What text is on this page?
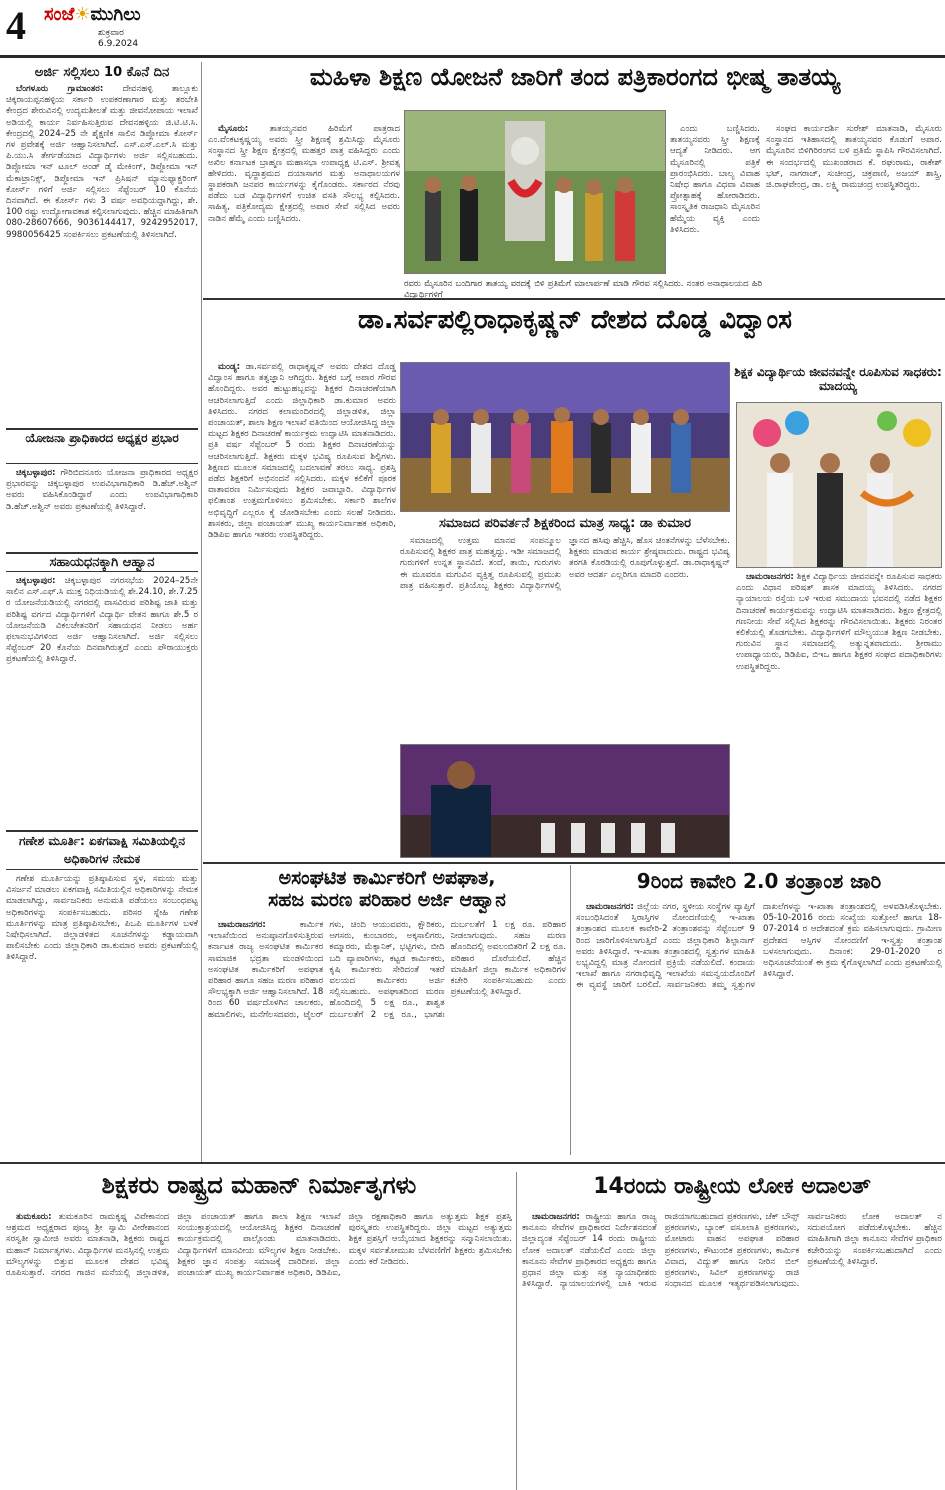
4 ಸಂಜೆ☀ಮುಗಿಲು
ಶುಕ್ರವಾರ
6.9.2024
ಅರ್ಜಿ ಸಲ್ಲಿಸಲು 10 ಕೊನೆ ದಿನ

ಬೆಂಗಳೂರು ಗ್ರಾಮಾಂತರ: ದೇವನಹಳ್ಳಿ ತಾಲ್ಲೂಕು ಚಿಕ್ಕರಾಯಪ್ಪನಹಳ್ಳಿಯ ಸರ್ಕಾರಿ ಉಪಕರಣಾಗಾರ ಮತ್ತು ತರಬೇತಿ ಕೇಂದ್ರದ ಶೇರುವಿನಲ್ಲಿ ಉದ್ಯಮಶೀಲತೆ ಮತ್ತು ಜೀವನೋಪಾಯ ಇಲಾಖೆ ಅಡಿಯಲ್ಲಿ ಕಾರ್ಯ ನಿರ್ವಹಿಸುತ್ತಿರುವ ದೇವನಹಳ್ಳಿಯ ಜಿ.ಟಿ.ಟಿ.ಸಿ. ಕೇಂದ್ರದಲ್ಲಿ 2024–25 ನೇ ಶೈಕ್ಷಣಿಕ ಸಾಲಿನ ಡಿಪ್ಲೋಮಾ ಕೋರ್ಸ್ ಗಳ ಪ್ರವೇಶಕ್ಕೆ ಅರ್ಜಿ ಆಹ್ವಾನಿಸಲಾಗಿದೆ. ಎಸ್.ಎಸ್.ಎಲ್.ಸಿ ಮತ್ತು ಪಿ.ಯು.ಸಿ ತೇರ್ಗಡೆಯಾದ ವಿದ್ಯಾರ್ಥಿಗಳು ಅರ್ಜಿ ಸಲ್ಲಿಸಬಹುದು. ಡಿಪ್ಲೋಮಾ ಇನ್ ಟೂಲ್ ಅಂಡ್ ಡೈ ಮೇಕಿಂಗ್, ಡಿಪ್ಲೋಮಾ ಇನ್ ಮೆಕಾಟ್ರಾನಿಕ್ಸ್, ಡಿಪ್ಲೋಮಾ ಇನ್ ಪ್ರಿಸಿಷನ್ ಮ್ಯಾನುಫ್ಯಾಕ್ಚರಿಂಗ್ ಕೋರ್ಸ್ ಗಳಿಗೆ ಅರ್ಜಿ ಸಲ್ಲಿಸಲು ಸೆಪ್ಟೆಂಬರ್ 10 ಕೊನೆಯ ದಿನವಾಗಿದೆ. ಈ ಕೋರ್ಸ್ ಗಳು 3 ವರ್ಷ ಅವಧಿಯದ್ದಾಗಿದ್ದು, ಶೇ. 100 ರಷ್ಟು ಉದ್ಯೋಗಾವಕಾಶ ಕಲ್ಪಿಸಲಾಗುವುದು. ಹೆಚ್ಚಿನ ಮಾಹಿತಿಗಾಗಿ 080-28607666, 9036144417, 9242952017, 9980056425 ಸಂಪರ್ಕಿಸಲು ಪ್ರಕಟಣೆಯಲ್ಲಿ ತಿಳಿಸಲಾಗಿದೆ.

ಯೋಜನಾ ಪ್ರಾಧಿಕಾರದ ಅಧ್ಯಕ್ಷರ ಪ್ರಭಾರ

ಚಿಕ್ಕಬಳ್ಳಾಪುರ: ಗೌರಿಬಿದನೂರು ಯೋಜನಾ ಪ್ರಾಧಿಕಾರದ ಅಧ್ಯಕ್ಷರ ಪ್ರಭಾರವನ್ನು ಚಿಕ್ಕಬಳ್ಳಾಪುರ ಉಪವಿಭಾಗಾಧಿಕಾರಿ ಡಿ.ಹೆಚ್.ಅಶ್ವಿನ್ ಅವರು ವಹಿಸಿಕೊಂಡಿದ್ದಾರೆ ಎಂದು ಉಪವಿಭಾಗಾಧಿಕಾರಿ ಡಿ.ಹೆಚ್.ಅಶ್ವಿನ್ ಅವರು ಪ್ರಕಟಣೆಯಲ್ಲಿ ತಿಳಿಸಿದ್ದಾರೆ.

ಸಹಾಯಧನಕ್ಕಾಗಿ ಆಹ್ವಾನ

ಚಿಕ್ಕಬಳ್ಳಾಪುರ: ಚಿಕ್ಕಬಳ್ಳಾಪುರ ನಗರಸಭೆಯ 2024–25ನೇ ಸಾಲಿನ ಎಸ್.ಎಫ್.ಸಿ ಮುಕ್ತ ನಿಧಿಯಡಿಯಲ್ಲಿ ಶೇ.24.10, ಶೇ.7.25 ರ ಯೋಜನೆಯಡಿಯಲ್ಲಿ ನಗರದಲ್ಲಿ ವಾಸವಿರುವ ಪರಿಶಿಷ್ಟ ಜಾತಿ ಮತ್ತು ಪರಿಶಿಷ್ಟ ವರ್ಗದ ವಿದ್ಯಾರ್ಥಿಗಳಿಗೆ ವಿದ್ಯಾರ್ಥಿ ವೇತನ ಹಾಗೂ ಶೇ.5 ರ ಯೋಜನೆಯಡಿ ವಿಕಲಚೇತನರಿಗೆ ಸಹಾಯಧನ ನೀಡಲು ಅರ್ಹ ಫಲಾನುಭವಿಗಳಿಂದ ಅರ್ಜಿ ಆಹ್ವಾನಿಸಲಾಗಿದೆ. ಅರ್ಜಿ ಸಲ್ಲಿಸಲು ಸೆಪ್ಟೆಂಬರ್ 20 ಕೊನೆಯ ದಿನವಾಗಿರುತ್ತದೆ ಎಂದು ಪೌರಾಯುಕ್ತರು ಪ್ರಕಟಣೆಯಲ್ಲಿ ತಿಳಿಸಿದ್ದಾರೆ.

ಗಣೇಶ ಮೂರ್ತಿ: ಏಕಗವಾಕ್ಷಿ ಸಮಿತಿಯಲ್ಲಿನ ಅಧಿಕಾರಿಗಳ ನೇಮಕ

ಗಣೇಶ ಮೂರ್ತಿಯನ್ನು ಪ್ರತಿಷ್ಠಾಪಿಸುವ ಸ್ಥಳ, ಸಮಯ ಮತ್ತು ವಿಸರ್ಜನೆ ಮಾಡಲು ಏಕಗವಾಕ್ಷಿ ಸಮಿತಿಯಲ್ಲಿನ ಅಧಿಕಾರಿಗಳನ್ನು ನೇಮಕ ಮಾಡಲಾಗಿದ್ದು, ಸಾರ್ವಜನಿಕರು ಅನುಮತಿ ಪಡೆಯಲು ಸಂಬಂಧಪಟ್ಟ ಅಧಿಕಾರಿಗಳನ್ನು ಸಂಪರ್ಕಿಸಬಹುದು. ಪರಿಸರ ಸ್ನೇಹಿ ಗಣೇಶ ಮೂರ್ತಿಗಳನ್ನು ಮಾತ್ರ ಪ್ರತಿಷ್ಠಾಪಿಸಬೇಕು, ಪಿಒಪಿ ಮೂರ್ತಿಗಳ ಬಳಕೆ ನಿಷೇಧಿಸಲಾಗಿದೆ. ಜಿಲ್ಲಾಡಳಿತದ ಸೂಚನೆಗಳನ್ನು ಕಡ್ಡಾಯವಾಗಿ ಪಾಲಿಸಬೇಕು ಎಂದು ಜಿಲ್ಲಾಧಿಕಾರಿ ಡಾ.ಕುಮಾರ ಅವರು ಪ್ರಕಟಣೆಯಲ್ಲಿ ತಿಳಿಸಿದ್ದಾರೆ.

ಮಹಿಳಾ ಶಿಕ್ಷಣ ಯೋಜನೆ ಜಾರಿಗೆ ತಂದ ಪತ್ರಿಕಾರಂಗದ ಭೀಷ್ಮ ತಾತಯ್ಯ

ಮೈಸೂರು: ತಾತಯ್ಯನವರ ಹಿರಿಮೆಗೆ ಪಾತ್ರರಾದ ಎಂ.ವೆಂಕಟಕೃಷ್ಣಯ್ಯ ಅವರು ಸ್ತ್ರೀ ಶಿಕ್ಷಣಕ್ಕೆ ಶ್ರಮಿಸಿದ್ದು ಮೈಸೂರು ಸಂಸ್ಥಾನದ ಸ್ತ್ರೀ ಶಿಕ್ಷಣ ಕ್ಷೇತ್ರದಲ್ಲಿ ಮಹತ್ತರ ಪಾತ್ರ ವಹಿಸಿದ್ದರು ಎಂದು ಅಖಿಲ ಕರ್ನಾಟಕ ಬ್ರಾಹ್ಮಣ ಮಹಾಸಭಾ ಉಪಾಧ್ಯಕ್ಷ ಟಿ.ಎಸ್. ಶ್ರೀವತ್ಸ ಹೇಳಿದರು. ವೃದ್ಧಾಶ್ರಮದ ದಯಾಸಾಗರ ಮತ್ತು ಅನಾಥಾಲಯಗಳ ಸ್ಥಾಪಕರಾಗಿ ಜನಪರ ಕಾರ್ಯಗಳನ್ನು ಕೈಗೊಂಡರು. ಸರ್ಕಾರದ ನೆರವು ಪಡೆದು ಬಡ ವಿದ್ಯಾರ್ಥಿಗಳಿಗೆ ಉಚಿತ ವಸತಿ ಸೌಲಭ್ಯ ಕಲ್ಪಿಸಿದರು. ಸಾಹಿತ್ಯ, ಪತ್ರಿಕೋದ್ಯಮ ಕ್ಷೇತ್ರದಲ್ಲಿ ಅಪಾರ ಸೇವೆ ಸಲ್ಲಿಸಿದ ಅವರು ನಾಡಿನ ಹೆಮ್ಮೆ ಎಂದು ಬಣ್ಣಿಸಿದರು.

ಎಂದು ಬಣ್ಣಿಸಿದರು. ತಾತಯ್ಯನವರು ಸ್ತ್ರೀ ಶಿಕ್ಷಣಕ್ಕೆ ಆದ್ಯತೆ ನೀಡಿದರು. ಆಗ ಮೈಸೂರಿನಲ್ಲಿ ಪತ್ರಿಕೆ ಪ್ರಾರಂಭಿಸಿದರು. ಬಾಲ್ಯ ವಿವಾಹ ನಿಷೇಧ ಹಾಗೂ ವಿಧವಾ ವಿವಾಹ ಪ್ರೋತ್ಸಾಹಕ್ಕೆ ಹೋರಾಡಿದರು. ಸಾಂಸ್ಕೃತಿಕ ರಾಜಧಾನಿ ಮೈಸೂರಿನ ಹೆಮ್ಮೆಯ ವ್ಯಕ್ತಿ ಎಂದು ತಿಳಿಸಿದರು.

ಸಂಘದ ಕಾರ್ಯದರ್ಶಿ ಸುರೇಶ್ ಮಾತನಾಡಿ, ಮೈಸೂರು ಸಂಸ್ಥಾನದ ಇತಿಹಾಸದಲ್ಲಿ ತಾತಯ್ಯನವರ ಕೊಡುಗೆ ಅಪಾರ. ಮೈಸೂರಿನ ಬಿಳಿಗಿರಿರಂಗನ ಬಳಿ ಪ್ರತಿಮೆ ಸ್ಥಾಪಿಸಿ ಗೌರವಿಸಲಾಗಿದೆ. ಈ ಸಂದರ್ಭದಲ್ಲಿ ಮುಖಂಡರಾದ ಕೆ. ರಘುರಾಮ, ರಾಕೇಶ್ ಭಟ್, ನಾಗರಾಜ್, ಸುಚೀಂದ್ರ, ಚಕ್ರಪಾಣಿ, ಅಜಯ್ ಶಾಸ್ತ್ರಿ, ಜಿ.ರಾಘವೇಂದ್ರ, ಡಾ. ಲಕ್ಷ್ಮಿ ರಾಮಚಂದ್ರ ಉಪಸ್ಥಿತರಿದ್ದರು.

ರವರು ಮೈಸೂರಿನ ಬಂದಿಗಾರ ತಾತಯ್ಯ ವರದಕ್ಕೆ ಬಿಳಿ ಪ್ರತಿಮೆಗೆ ಮಾಲಾರ್ಪಣೆ ಮಾಡಿ ಗೌರವ ಸಲ್ಲಿಸಿದರು. ನಂತರ ಅನಾಥಾಲಯದ ಹಿರಿ ವಿದ್ಯಾರ್ಥಿಗಳಿಗೆ
ಡಾ.ಸರ್ವಪಲ್ಲಿರಾಧಾಕೃಷ್ಣನ್ ದೇಶದ ದೊಡ್ಡ ವಿದ್ವಾಂಸ

ಮಂಡ್ಯ: ಡಾ.ಸರ್ವಪಲ್ಲಿ ರಾಧಾಕೃಷ್ಣನ್ ಅವರು ದೇಶದ ದೊಡ್ಡ ವಿದ್ವಾಂಸ ಹಾಗೂ ತತ್ವಜ್ಞಾನಿ ಆಗಿದ್ದರು. ಶಿಕ್ಷಕರ ಬಗ್ಗೆ ಅಪಾರ ಗೌರವ ಹೊಂದಿದ್ದರು. ಅವರ ಹುಟ್ಟುಹಬ್ಬವನ್ನು ಶಿಕ್ಷಕರ ದಿನಾಚರಣೆಯಾಗಿ ಆಚರಿಸಲಾಗುತ್ತಿದೆ ಎಂದು ಜಿಲ್ಲಾಧಿಕಾರಿ ಡಾ.ಕುಮಾರ ಅವರು ತಿಳಿಸಿದರು. ನಗರದ ಕಲಾಮಂದಿರದಲ್ಲಿ ಜಿಲ್ಲಾಡಳಿತ, ಜಿಲ್ಲಾ ಪಂಚಾಯತ್, ಶಾಲಾ ಶಿಕ್ಷಣ ಇಲಾಖೆ ವತಿಯಿಂದ ಆಯೋಜಿಸಿದ್ದ ಜಿಲ್ಲಾ ಮಟ್ಟದ ಶಿಕ್ಷಕರ ದಿನಾಚರಣೆ ಕಾರ್ಯಕ್ರಮ ಉದ್ಘಾಟಿಸಿ ಮಾತನಾಡಿದರು. ಪ್ರತಿ ವರ್ಷ ಸೆಪ್ಟೆಂಬರ್ 5 ರಂದು ಶಿಕ್ಷಕರ ದಿನಾಚರಣೆಯನ್ನು ಆಚರಿಸಲಾಗುತ್ತಿದೆ. ಶಿಕ್ಷಕರು ಮಕ್ಕಳ ಭವಿಷ್ಯ ರೂಪಿಸುವ ಶಿಲ್ಪಿಗಳು. ಶಿಕ್ಷಣದ ಮೂಲಕ ಸಮಾಜದಲ್ಲಿ ಬದಲಾವಣೆ ತರಲು ಸಾಧ್ಯ. ಪ್ರಶಸ್ತಿ ಪಡೆದ ಶಿಕ್ಷಕರಿಗೆ ಅಭಿನಂದನೆ ಸಲ್ಲಿಸಿದರು. ಮಕ್ಕಳ ಕಲಿಕೆಗೆ ಪೂರಕ ವಾತಾವರಣ ನಿರ್ಮಿಸುವುದು ಶಿಕ್ಷಕರ ಜವಾಬ್ದಾರಿ. ವಿದ್ಯಾರ್ಥಿಗಳ ಫಲಿತಾಂಶ ಉತ್ತಮಗೊಳಿಸಲು ಶ್ರಮಿಸಬೇಕು. ಸರ್ಕಾರಿ ಶಾಲೆಗಳ ಅಭಿವೃದ್ಧಿಗೆ ಎಲ್ಲರೂ ಕೈ ಜೋಡಿಸಬೇಕು ಎಂದು ಸಲಹೆ ನೀಡಿದರು. ಶಾಸಕರು, ಜಿಲ್ಲಾ ಪಂಚಾಯತ್ ಮುಖ್ಯ ಕಾರ್ಯನಿರ್ವಾಹಕ ಅಧಿಕಾರಿ, ಡಿಡಿಪಿಐ ಹಾಗೂ ಇತರರು ಉಪಸ್ಥಿತರಿದ್ದರು.

ಸಮಾಜದ ಪರಿವರ್ತನೆ ಶಿಕ್ಷಕರಿಂದ ಮಾತ್ರ ಸಾಧ್ಯ: ಡಾ ಕುಮಾರ

ಸಮಾಜದಲ್ಲಿ ಉತ್ತಮ ಮಾನವ ಸಂಪನ್ಮೂಲ ರೂಪಿಸುವಲ್ಲಿ ಶಿಕ್ಷಕರ ಪಾತ್ರ ಮಹತ್ವದ್ದು. ಇಡೀ ಸಮಾಜದಲ್ಲಿ ಗುರುಗಳಿಗೆ ಉನ್ನತ ಸ್ಥಾನವಿದೆ. ತಂದೆ, ತಾಯಿ, ಗುರುಗಳು ಈ ಮೂವರೂ ಮಗುವಿನ ವ್ಯಕ್ತಿತ್ವ ರೂಪಿಸುವಲ್ಲಿ ಪ್ರಮುಖ ಪಾತ್ರ ವಹಿಸುತ್ತಾರೆ. ಪ್ರತಿಯೊಬ್ಬ ಶಿಕ್ಷಕರು ವಿದ್ಯಾರ್ಥಿಗಳಲ್ಲಿ ಜ್ಞಾನದ ಹಸಿವು ಹೆಚ್ಚಿಸಿ, ಹೊಸ ಚಿಂತನೆಗಳನ್ನು ಬೆಳೆಸಬೇಕು. ಶಿಕ್ಷಕರು ಮಾಡುವ ಕಾರ್ಯ ಶ್ರೇಷ್ಠವಾದುದು. ರಾಷ್ಟ್ರದ ಭವಿಷ್ಯ ತರಗತಿ ಕೊಠಡಿಯಲ್ಲಿ ರೂಪುಗೊಳ್ಳುತ್ತದೆ. ಡಾ.ರಾಧಾಕೃಷ್ಣನ್ ಅವರ ಆದರ್ಶ ಎಲ್ಲರಿಗೂ ಮಾದರಿ ಎಂದರು.

ಶಿಕ್ಷಕ ವಿದ್ಯಾರ್ಥಿಯ ಜೀವನವನ್ನೇ ರೂಪಿಸುವ ಸಾಧಕರು: ಮಾದಯ್ಯ

ಚಾಮರಾಜನಗರ: ಶಿಕ್ಷಕ ವಿದ್ಯಾರ್ಥಿಯ ಜೀವನವನ್ನೇ ರೂಪಿಸುವ ಸಾಧಕರು ಎಂದು ವಿಧಾನ ಪರಿಷತ್ ಶಾಸಕ ಮಾದಯ್ಯ ತಿಳಿಸಿದರು. ನಗರದ ನ್ಯಾಯಾಲಯ ರಸ್ತೆಯ ಬಳಿ ಇರುವ ಸಮುದಾಯ ಭವನದಲ್ಲಿ ನಡೆದ ಶಿಕ್ಷಕರ ದಿನಾಚರಣೆ ಕಾರ್ಯಕ್ರಮವನ್ನು ಉದ್ಘಾಟಿಸಿ ಮಾತನಾಡಿದರು. ಶಿಕ್ಷಣ ಕ್ಷೇತ್ರದಲ್ಲಿ ಗಣನೀಯ ಸೇವೆ ಸಲ್ಲಿಸಿದ ಶಿಕ್ಷಕರನ್ನು ಗೌರವಿಸಲಾಯಿತು. ಶಿಕ್ಷಕರು ನಿರಂತರ ಕಲಿಕೆಯಲ್ಲಿ ತೊಡಗಬೇಕು. ವಿದ್ಯಾರ್ಥಿಗಳಿಗೆ ಮೌಲ್ಯಯುತ ಶಿಕ್ಷಣ ನೀಡಬೇಕು. ಗುರುವಿನ ಸ್ಥಾನ ಸಮಾಜದಲ್ಲಿ ಅತ್ಯುನ್ನತವಾದುದು. ಶ್ರೀರಾಮು ಉಪಾಧ್ಯಾಯರು, ಡಿಡಿಪಿಐ, ಬಿಇಒ ಹಾಗೂ ಶಿಕ್ಷಕರ ಸಂಘದ ಪದಾಧಿಕಾರಿಗಳು ಉಪಸ್ಥಿತರಿದ್ದರು.

ಅಸಂಘಟಿತ ಕಾರ್ಮಿಕರಿಗೆ ಅಪಘಾತ,
ಸಹಜ ಮರಣ ಪರಿಹಾರ ಅರ್ಜಿ ಆಹ್ವಾನ

ಚಾಮರಾಜನಗರ:	ಕಾರ್ಮಿಕ ಇಲಾಖೆಯಿಂದ ಅನುಷ್ಠಾನಗೊಳಿಸುತ್ತಿರುವ ಕರ್ನಾಟಕ ರಾಜ್ಯ ಅಸಂಘಟಿತ ಕಾರ್ಮಿಕರ ಸಾಮಾಜಿಕ ಭದ್ರತಾ ಮಂಡಳಿಯಿಂದ ಅಸಂಘಟಿತ ಕಾರ್ಮಿಕರಿಗೆ ಅಪಘಾತ ಪರಿಹಾರ ಹಾಗೂ ಸಹಜ ಮರಣ ಪರಿಹಾರ ಸೌಲಭ್ಯಕ್ಕಾಗಿ ಅರ್ಜಿ ಆಹ್ವಾನಿಸಲಾಗಿದೆ. 18 ರಿಂದ 60 ವರ್ಷದೊಳಗಿನ ಚಾಲಕರು, ಹಮಾಲಿಗಳು, ಮನೆಗೆಲಸದವರು, ಟೈಲರ್ ಗಳು, ಚಿಂದಿ ಆಯುವವರು, ಕ್ಷೌರಿಕರು, ಅಗಸರು, ಕುಂಬಾರರು, ಅಕ್ಕಸಾಲಿಗರು, ಕಮ್ಮಾರರು, ಮೆಕ್ಯಾನಿಕ್, ಭಟ್ಟಿಗಳು, ಬೀದಿ ಬದಿ ವ್ಯಾಪಾರಿಗಳು, ಕಟ್ಟಡ ಕಾರ್ಮಿಕರು, ಕೃಷಿ ಕಾರ್ಮಿಕರು ಸೇರಿದಂತೆ ಇತರೆ ವಲಯದ ಕಾರ್ಮಿಕರು ಅರ್ಜಿ ಸಲ್ಲಿಸಬಹುದು. ಅಪಘಾತದಿಂದ ಮರಣ ಹೊಂದಿದಲ್ಲಿ 5 ಲಕ್ಷ ರೂ., ಶಾಶ್ವತ ದುರ್ಬಲತೆಗೆ 2 ಲಕ್ಷ ರೂ., ಭಾಗಶಃ ದುರ್ಬಲತೆಗೆ 1 ಲಕ್ಷ ರೂ. ಪರಿಹಾರ ನೀಡಲಾಗುವುದು. ಸಹಜ ಮರಣ ಹೊಂದಿದಲ್ಲಿ ಅವಲಂಬಿತರಿಗೆ 2 ಲಕ್ಷ ರೂ. ಪರಿಹಾರ ದೊರೆಯಲಿದೆ. ಹೆಚ್ಚಿನ ಮಾಹಿತಿಗೆ ಜಿಲ್ಲಾ ಕಾರ್ಮಿಕ ಅಧಿಕಾರಿಗಳ ಕಚೇರಿ ಸಂಪರ್ಕಿಸಬಹುದು ಎಂದು ಪ್ರಕಟಣೆಯಲ್ಲಿ ತಿಳಿಸಿದ್ದಾರೆ.

9ರಿಂದ ಕಾವೇರಿ 2.0 ತಂತ್ರಾಂಶ ಜಾರಿ

ಚಾಮರಾಜನಗರ: ಜಿಲ್ಲೆಯ ನಗರ, ಸ್ಥಳೀಯ ಸಂಸ್ಥೆಗಳ ವ್ಯಾಪ್ತಿಗೆ ಸಂಬಂಧಿಸಿದಂತೆ ಸ್ತಿರಾಸ್ತಿಗಳ ನೋಂದಣಿಯಲ್ಲಿ ಇ-ಖಾತಾ ತಂತ್ರಾಂಶದ ಮೂಲಕ ಕಾವೇರಿ-2 ತಂತ್ರಾಂಶವನ್ನು ಸೆಪ್ಟೆಂಬರ್ 9 ರಿಂದ ಜಾರಿಗೊಳಿಸಲಾಗುತ್ತಿದೆ ಎಂದು ಜಿಲ್ಲಾಧಿಕಾರಿ ಶಿಲ್ಪಾನಾಗ್ ಅವರು ತಿಳಿಸಿದ್ದಾರೆ. ಇ-ಖಾತಾ ತಂತ್ರಾಂಶದಲ್ಲಿ ಸ್ವತ್ತುಗಳ ಮಾಹಿತಿ ಲಭ್ಯವಿದ್ದಲ್ಲಿ ಮಾತ್ರ ನೋಂದಣಿ ಪ್ರಕ್ರಿಯೆ ನಡೆಯಲಿದೆ. ಕಂದಾಯ ಇಲಾಖೆ ಹಾಗೂ ನಗರಾಭಿವೃದ್ಧಿ ಇಲಾಖೆಯ ಸಮನ್ವಯದೊಂದಿಗೆ ಈ ವ್ಯವಸ್ಥೆ ಜಾರಿಗೆ ಬರಲಿದೆ. ಸಾರ್ವಜನಿಕರು ತಮ್ಮ ಸ್ವತ್ತುಗಳ ದಾಖಲೆಗಳನ್ನು ಇ-ಖಾತಾ ತಂತ್ರಾಂಶದಲ್ಲಿ ಅಳವಡಿಸಿಕೊಳ್ಳಬೇಕು. 05-10-2016 ರಂದು ಸಂಖ್ಯೆಯ ಸುತ್ತೋಲೆ ಹಾಗೂ 18-07-2014 ರ ಆದೇಶದಂತೆ ಕ್ರಮ ವಹಿಸಲಾಗುವುದು. ಗ್ರಾಮೀಣ ಪ್ರದೇಶದ ಆಸ್ತಿಗಳ ನೋಂದಣಿಗೆ ಇ-ಸ್ವತ್ತು ತಂತ್ರಾಂಶ ಬಳಸಲಾಗುವುದು. ದಿನಾಂಕ: 29-01-2020 ರ ಅಧಿಸೂಚನೆಯಂತೆ ಈ ಕ್ರಮ ಕೈಗೊಳ್ಳಲಾಗಿದೆ ಎಂದು ಪ್ರಕಟಣೆಯಲ್ಲಿ ತಿಳಿಸಿದ್ದಾರೆ.

ಶಿಕ್ಷಕರು ರಾಷ್ಟ್ರದ ಮಹಾನ್ ನಿರ್ಮಾತೃಗಳು

ತುಮಕೂರು: ತುಮಕೂರಿನ ರಾಮಕೃಷ್ಣ ವಿವೇಕಾನಂದ ಆಶ್ರಮದ ಅಧ್ಯಕ್ಷರಾದ ಪೂಜ್ಯ ಶ್ರೀ ಸ್ವಾಮಿ ವೀರೇಶಾನಂದ ಸರಸ್ವತೀ ಸ್ವಾಮೀಜಿ ಅವರು ಮಾತನಾಡಿ, ಶಿಕ್ಷಕರು ರಾಷ್ಟ್ರದ ಮಹಾನ್ ನಿರ್ಮಾತೃಗಳು. ವಿದ್ಯಾರ್ಥಿಗಳ ಮನಸ್ಸಿನಲ್ಲಿ ಉತ್ತಮ ಮೌಲ್ಯಗಳನ್ನು ಬಿತ್ತುವ ಮೂಲಕ ದೇಶದ ಭವಿಷ್ಯ ರೂಪಿಸುತ್ತಾರೆ. ನಗರದ ಗಾಜಿನ ಮನೆಯಲ್ಲಿ ಜಿಲ್ಲಾಡಳಿತ, ಜಿಲ್ಲಾ ಪಂಚಾಯತ್ ಹಾಗೂ ಶಾಲಾ ಶಿಕ್ಷಣ ಇಲಾಖೆ ಸಂಯುಕ್ತಾಶ್ರಯದಲ್ಲಿ ಆಯೋಜಿಸಿದ್ದ ಶಿಕ್ಷಕರ ದಿನಾಚರಣೆ ಕಾರ್ಯಕ್ರಮದಲ್ಲಿ ಪಾಲ್ಗೊಂಡು ಮಾತನಾಡಿದರು. ವಿದ್ಯಾರ್ಥಿಗಳಿಗೆ ಮಾನವೀಯ ಮೌಲ್ಯಗಳ ಶಿಕ್ಷಣ ನೀಡಬೇಕು. ಶಿಕ್ಷಕರ ಜ್ಞಾನ ಸಂಪತ್ತು ಸಮಾಜಕ್ಕೆ ದಾರಿದೀಪ. ಜಿಲ್ಲಾ ಪಂಚಾಯತ್ ಮುಖ್ಯ ಕಾರ್ಯನಿರ್ವಾಹಕ ಅಧಿಕಾರಿ, ಡಿಡಿಪಿಐ, ಜಿಲ್ಲಾ ರಕ್ಷಣಾಧಿಕಾರಿ ಹಾಗೂ ಅತ್ಯುತ್ತಮ ಶಿಕ್ಷಕ ಪ್ರಶಸ್ತಿ ಪುರಸ್ಕೃತರು ಉಪಸ್ಥಿತರಿದ್ದರು. ಜಿಲ್ಲಾ ಮಟ್ಟದ ಅತ್ಯುತ್ತಮ ಶಿಕ್ಷಕ ಪ್ರಶಸ್ತಿಗೆ ಆಯ್ಕೆಯಾದ ಶಿಕ್ಷಕರನ್ನು ಸನ್ಮಾನಿಸಲಾಯಿತು. ಮಕ್ಕಳ ಸರ್ವತೋಮುಖ ಬೆಳವಣಿಗೆಗೆ ಶಿಕ್ಷಕರು ಶ್ರಮಿಸಬೇಕು ಎಂದು ಕರೆ ನೀಡಿದರು.

14ರಂದು ರಾಷ್ಟ್ರೀಯ ಲೋಕ ಅದಾಲತ್

ಚಾಮರಾಜನಗರ: ರಾಷ್ಟ್ರೀಯ ಹಾಗೂ ರಾಜ್ಯ ಕಾನೂನು ಸೇವೆಗಳ ಪ್ರಾಧಿಕಾರದ ನಿರ್ದೇಶನದಂತೆ ಜಿಲ್ಲಾದ್ಯಂತ ಸೆಪ್ಟೆಂಬರ್ 14 ರಂದು ರಾಷ್ಟ್ರೀಯ ಲೋಕ ಅದಾಲತ್ ನಡೆಯಲಿದೆ ಎಂದು ಜಿಲ್ಲಾ ಕಾನೂನು ಸೇವೆಗಳ ಪ್ರಾಧಿಕಾರದ ಅಧ್ಯಕ್ಷರು ಹಾಗೂ ಪ್ರಧಾನ ಜಿಲ್ಲಾ ಮತ್ತು ಸತ್ರ ನ್ಯಾಯಾಧೀಶರು ತಿಳಿಸಿದ್ದಾರೆ. ನ್ಯಾಯಾಲಯಗಳಲ್ಲಿ ಬಾಕಿ ಇರುವ ರಾಜಿಯಾಗಬಹುದಾದ ಪ್ರಕರಣಗಳು, ಚೆಕ್ ಬೌನ್ಸ್ ಪ್ರಕರಣಗಳು, ಬ್ಯಾಂಕ್ ವಸೂಲಾತಿ ಪ್ರಕರಣಗಳು, ಮೋಟಾರು ವಾಹನ ಅಪಘಾತ ಪರಿಹಾರ ಪ್ರಕರಣಗಳು, ಕೌಟುಂಬಿಕ ಪ್ರಕರಣಗಳು, ಕಾರ್ಮಿಕ ವಿವಾದ, ವಿದ್ಯುತ್ ಹಾಗೂ ನೀರಿನ ಬಿಲ್ ಪ್ರಕರಣಗಳು, ಸಿವಿಲ್ ಪ್ರಕರಣಗಳನ್ನು ರಾಜಿ ಸಂಧಾನದ ಮೂಲಕ ಇತ್ಯರ್ಥಪಡಿಸಲಾಗುವುದು. ಸಾರ್ವಜನಿಕರು ಲೋಕ ಅದಾಲತ್ ನ ಸದುಪಯೋಗ ಪಡೆದುಕೊಳ್ಳಬೇಕು. ಹೆಚ್ಚಿನ ಮಾಹಿತಿಗಾಗಿ ಜಿಲ್ಲಾ ಕಾನೂನು ಸೇವೆಗಳ ಪ್ರಾಧಿಕಾರ ಕಚೇರಿಯನ್ನು ಸಂಪರ್ಕಿಸಬಹುದಾಗಿದೆ ಎಂದು ಪ್ರಕಟಣೆಯಲ್ಲಿ ತಿಳಿಸಿದ್ದಾರೆ.
